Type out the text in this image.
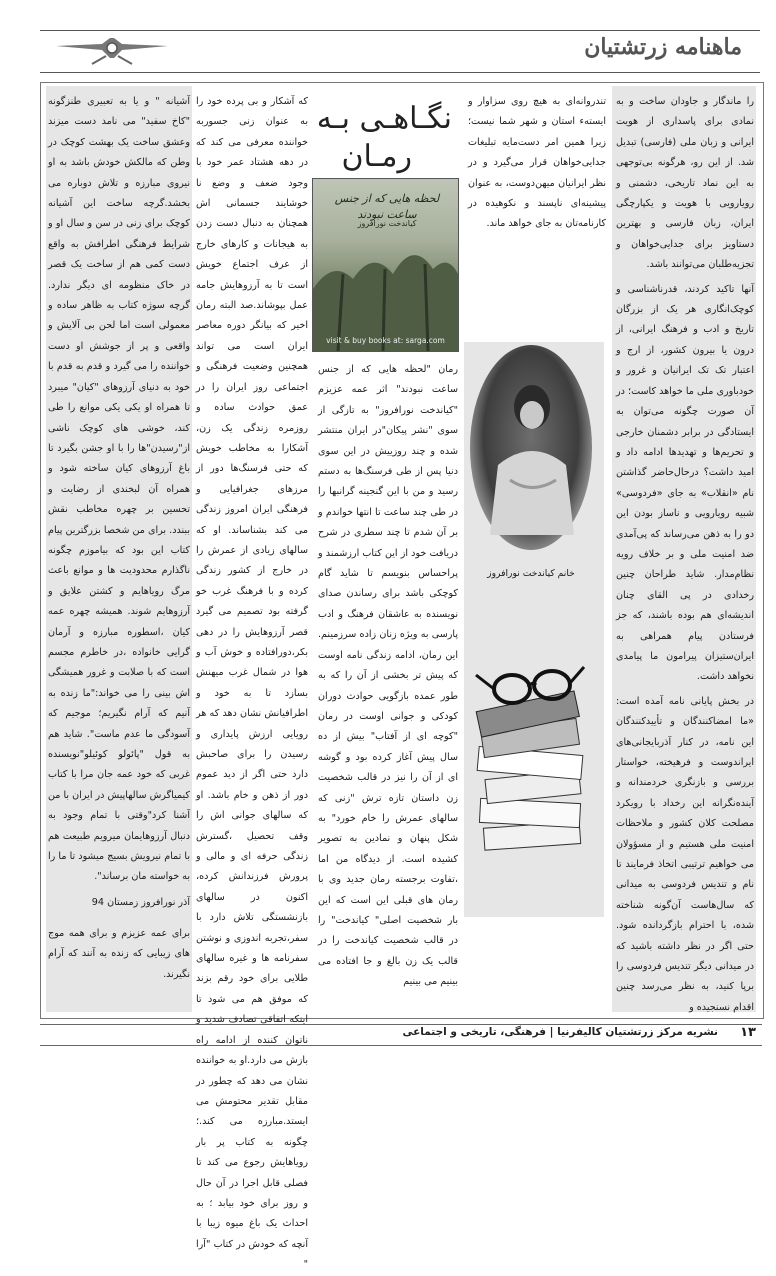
ماهنامه زرتشتیان
نگـاهـی بـه
رمـان

را ماندگار و جاودان ساخت و به نمادی برای پاسداری از هویت ایرانی و زبان ملی (فارسی) تبدیل شد. از این رو، هرگونه بی‌توجهی به این نماد تاریخی، دشمنی و رویارویی با هویت و یکپارچگی ایران، زبان فارسی و بهترین دستاویز برای جدایی‌خواهان و تجزیه‌طلبان می‌توانند باشد.

آنها تاکید کردند، قدرناشناسی و کوچک‌انگاری هر یک از بزرگان تاریخ و ادب و فرهنگ ایرانی، از درون یا بیرون کشور، از ارج و اعتبار تک تک ایرانیان و غرور و خودباوری ملی ما خواهد کاست؛ در آن صورت چگونه می‌توان به ایستادگی در برابر دشمنان خارجی و تحریم‌ها و تهدیدها ادامه داد و امید داشت؟ درحال‌حاضر گذاشتن نام «انقلاب» به جای «فردوسی» شبیه رویارویی و ناساز بودن این دو را به ذهن می‌رساند که پی‌آمدی ضد امنیت ملی و بر خلاف رویه نظام‌مدار. شاید طراحان چنین رخدادی در پی القای چنان اندیشه‌ای هم بوده باشند، که جز فرستادن پیام همراهی به ایران‌ستیزان پیرامون ما پیامدی نخواهد داشت.

در بخش پایانی نامه آمده است: «ما امضاکنندگان و تأییدکنندگان این نامه، در کنار آذربایجانی‌های ایراندوست و فرهیخته، خواستار بررسی و بازنگری خردمندانه و آینده‌نگرانه این رخداد با رویکرد مصلحت کلان کشور و ملاحظات امنیت ملی هستیم و از مسؤولان می خواهیم ترتیبی اتخاذ فرمایند تا نام و تندیس فردوسی به میدانی که سال‌هاست آن‌گونه شناخته شده، با احترام بازگردانده شود. حتی اگر در نظر داشته باشید که در میدانی دیگر تندیس فردوسی را برپا کنید، به نظر می‌رسد چنین اقدام نسنجیده و

تندروانه‌ای به هیچ روی سزاوار و ایستهء استان و شهر شما نیست؛ زیرا همین امر دست‌مایه تبلیغات جدایی‌خواهان قرار می‌گیرد و در نظر ایرانیان میهن‌دوست، به عنوان پیشینه‌ای ناپسند و نکوهیده در کارنامه‌تان به جای خواهد ماند.

خانم کیاندخت نورافروز
لحظه هایی که از جنس ساعت نبودند
کیاندخت نورافروز
visit & buy books at: sarga.com

رمان "لحظه هایی که از جنس ساعت نبودند" اثر عمه عزیزم "کیاندخت نورافروز" به تازگی از سوی "نشر پیکان"در ایران منتشر شده و چند روزییش در این سوی دنیا پس از طی فرسنگ‌ها به دستم رسید و من با این گنجینه گرانبها را در طی چند ساعت تا انتها خواندم و بر آن شدم تا چند سطری در شرح دریافت خود از این کتاب ارزشمند و پراحساس بنویسم تا شاید گام کوچکی باشد برای رساندن صدای نویسنده به عاشقان فرهنگ و ادب پارسی به ویژه زنان زاده سرزمینم. این رمان، ادامه زندگی نامه اوست که پیش تر بخشی از آن را که به طور عمده بازگویی حوادث دوران کودکی و جوانی اوست در رمان "کوچه ای از آفتاب" بیش از ده سال پیش آغاز کرده بود و گوشه ای از آن را نیز در قالب شخصیت زن داستان تازه ترش "زنی که سالهای عمرش را خام خورد" به شکل پنهان و نمادین به تصویر کشیده است. از دیدگاه من اما ،تفاوت برجسته رمان جدید وی با رمان های قبلی این است که این بار شخصیت اصلی" کیاندخت" را در قالب شخصیت کیاندخت را در قالب یک زن بالغ و جا افتاده می بینیم می بینیم

که آشکار و بی پرده خود را به عنوان زنی جسوربه خواننده معرفی می کند که در دهه هشتاد عمر خود با وجود ضعف و وضع نا خوشایند جسمانی اش همچنان به دنبال دست زدن به هیجانات و کارهای خارج از عرف اجتماع خویش است تا به آرزوهایش جامه عمل بپوشاند.صد البته رمان اخیر که بیانگر دوره معاصر ایران است می تواند همچنین وضعیت فرهنگی و اجتماعی روز ایران را در عمق حوادث ساده و روزمره زندگی یک زن، آشکارا به مخاطب خویش که حتی فرسنگ‌ها دور از مرزهای جغرافیایی و فرهنگی ایران امروز زندگی می کند بشناساند. او که سالهای زیادی از عمرش را در خارج از کشور زندگی کرده و با فرهنگ غرب خو گرفته بود تصمیم می گیرد قصر آرزوهایش را در دهی بکر،دورافتاده و خوش آب و هوا در شمال غرب میهنش بسازد تا به خود و اطرافیانش نشان دهد که هر رویایی ارزش پایداری و رسیدن را برای صاحبش دارد حتی اگر از دید عموم دور از ذهن و خام باشد. او که سالهای جوانی اش را وقف تحصیل ،گسترش زندگی حرفه ای و مالی و پرورش فرزندانش کرده، اکنون در سالهای بازنشستگی تلاش دارد با سفر،تجربه اندوزی و نوشتن سفرنامه ها و غیره سالهای طلایی برای خود رقم بزند که موفق هم می شود تا اینکه اتفاقی تصادف شدید و ناتوان کننده از ادامه راه بازش می دارد.او به خواننده نشان می دهد که چطور در مقابل تقدیر محتومش می ایستد.مبارزه می کند.؛ چگونه به کتاب پر بار رویاهایش رجوع می کند تا فصلی قابل اجرا در آن حال و روز برای خود بیابد ؛ به احداث یک باغ میوه زیبا با آنچه که خودش در کتاب "آرا "

آشیانه " و یا به تعبیری طنزگونه "کاخ سفید" می نامد دست میزند وعشق ساخت یک بهشت کوچک در وطن که مالکش خودش باشد به او نیروی مبارزه و تلاش دوباره می بخشد.گرچه ساخت این آشیانه کوچک برای زنی در سن و سال او و شرایط فرهنگی اطرافش به واقع دست کمی هم از ساخت یک قصر در خاک منظومه ای دیگر ندارد. گرچه سوژه کتاب به ظاهر ساده و معمولی است اما لحن بی آلایش و واقعی و پر از جوشش او دست خواننده را می گیرد و قدم به قدم با خود به دنیای آرزوهای "کیان" میبرد تا همراه او یکی یکی موانع را طی کند، خوشی های کوچک ناشی از"رسیدن"ها را با او جشن بگیرد تا باغ آرزوهای کیان ساخته شود و همراه آن لبخندی از رضایت و تحسین بر چهره مخاطب نقش ببندد. برای من شخصا بزرگترین پیام کتاب این بود که بیاموزم چگونه ناگذارم محدودیت ها و موانع باعث مرگ رویاهایم و کشتن علایق و آرزوهایم شوند. همیشه چهره عمه کیان ،اسطوره مبارزه و آرمان گرایی خانواده ،در خاطرم مجسم است که با صلابت و غرور همیشگی اش بینی را می خواند:"ما زنده به آنیم که آرام نگیریم؛ موجیم که آسودگی ما عدم ماست". شاید هم به قول "پائولو کوئیلو"نویسنده غربی که خود عمه جان مرا با کتاب کیمیاگرش سالهاپیش در ایران با من آشنا کرد"وقتی با تمام وجود به دنبال آرزوهایمان میرویم طبیعت هم با تمام نیرویش بسیج میشود تا ما را به خواسته مان برساند".

آذر نورافروز زمستان 94

برای عمه عزیزم و برای همه موج های زیبایی که زنده به آنند که آرام نگیرند.

۱۳
نشریه مرکز زرتشتیان کالیفرنیا | فرهنگی، تاریخی و اجتماعی
